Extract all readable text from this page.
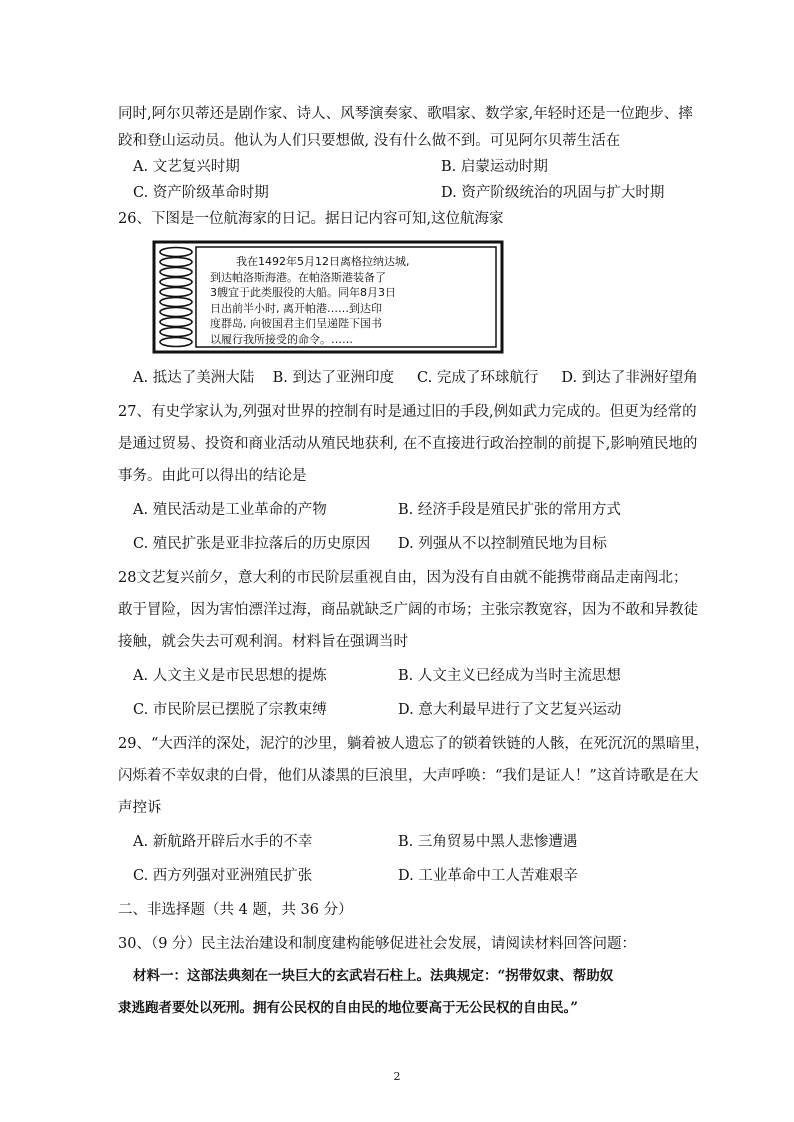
同时,阿尔贝蒂还是剧作家、诗人、风琴演奏家、歌唱家、数学家,年轻时还是一位跑步、摔
跤和登山运动员。他认为人们只要想做, 没有什么做不到。可见阿尔贝蒂生活在
A. 文艺复兴时期	B. 启蒙运动时期
C. 资产阶级革命时期	D. 资产阶级统治的巩固与扩大时期
26、下图是一位航海家的日记。据日记内容可知,这位航海家
我在1492年5月12日离格拉纳达城,
到达帕洛斯海港。在帕洛斯港装备了
3艘宜于此类服役的大船。同年8月3日
日出前半小时, 离开帕港……到达印
度群岛, 向彼国君主们呈递陛下国书
以履行我所接受的命令。……
A. 抵达了美洲大陆    B. 到达了亚洲印度     C. 完成了环球航行     D. 到达了非洲好望角
27、有史学家认为,列强对世界的控制有时是通过旧的手段,例如武力完成的。但更为经常的
是通过贸易、投资和商业活动从殖民地获利, 在不直接进行政治控制的前提下,影响殖民地的
事务。由此可以得出的结论是
A. 殖民活动是工业革命的产物	B. 经济手段是殖民扩张的常用方式
C. 殖民扩张是亚非拉落后的历史原因 D. 列强从不以控制殖民地为目标
28文艺复兴前夕，意大利的市民阶层重视自由，因为没有自由就不能携带商品走南闯北；
敢于冒险，因为害怕漂洋过海，商品就缺乏广阔的市场；主张宗教宽容，因为不敢和异教徒
接触，就会失去可观利润。材料旨在强调当时
A. 人文主义是市民思想的提炼	B. 人文主义已经成为当时主流思想
C. 市民阶层已摆脱了宗教束缚	D. 意大利最早进行了文艺复兴运动
29、“大西洋的深处，泥泞的沙里，躺着被人遗忘了的锁着铁链的人骸，在死沉沉的黑暗里，
闪烁着不幸奴隶的白骨，他们从漆黑的巨浪里，大声呼唤：“我们是证人！”这首诗歌是在大
声控诉
A. 新航路开辟后水手的不幸	B. 三角贸易中黑人悲惨遭遇
C. 西方列强对亚洲殖民扩张	D. 工业革命中工人苦难艰辛
二、非选择题（共 4 题，共 36 分）
30、（9 分）民主法治建设和制度建构能够促进社会发展，请阅读材料回答问题：
材料一：这部法典刻在一块巨大的玄武岩石柱上。法典规定：“拐带奴隶、帮助奴
隶逃跑者要处以死刑。拥有公民权的自由民的地位要高于无公民权的自由民。”
2
